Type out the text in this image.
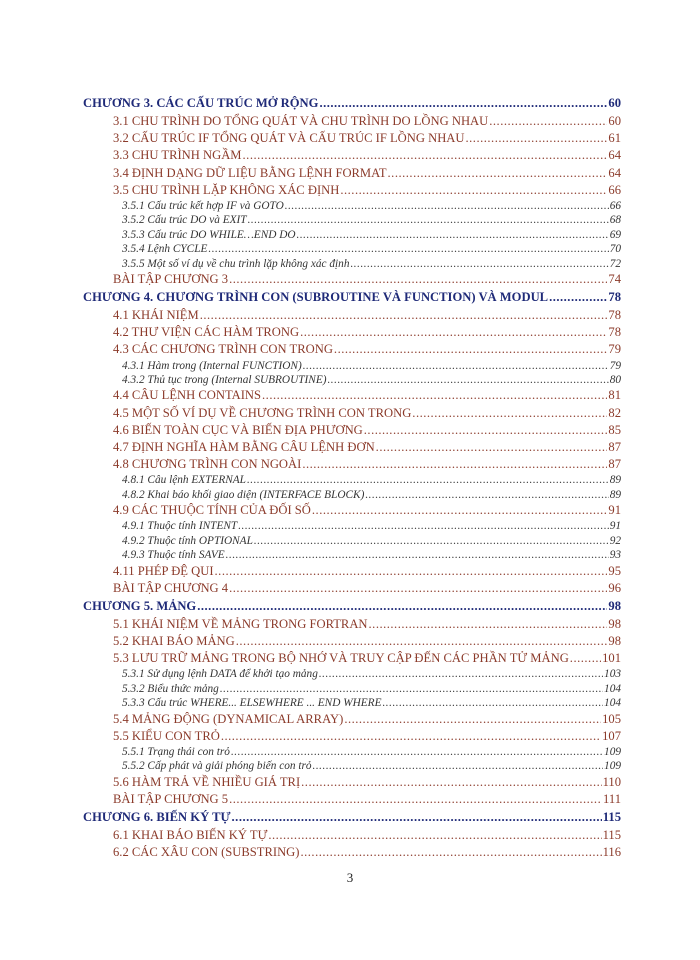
CHƯƠNG 3. CÁC CẤU TRÚC MỞ RỘNG .....	60
3.1 CHU TRÌNH DO TỔNG QUÁT VÀ CHU TRÌNH DO LỒNG NHAU .....	60
3.2 CẤU TRÚC IF TỔNG QUÁT VÀ CẤU TRÚC IF LỒNG NHAU .....	61
3.3 CHU TRÌNH NGẦM .....	64
3.4 ĐỊNH DẠNG DỮ LIỆU BẰNG LỆNH FORMAT .....	64
3.5 CHU TRÌNH LẶP KHÔNG XÁC ĐỊNH .....	66
3.5.1 Cấu trúc kết hợp IF và GOTO .....	66
3.5.2 Cấu trúc DO và EXIT .....	68
3.5.3 Cấu trúc DO WHILE…END DO .....	69
3.5.4 Lệnh CYCLE .....	70
3.5.5 Một số ví dụ về chu trình lặp không xác định .....	72
BÀI TẬP CHƯƠNG 3 .....	74
CHƯƠNG 4. CHƯƠNG TRÌNH CON (SUBROUTINE VÀ FUNCTION) VÀ MODUL .....	78
4.1 KHÁI NIỆM .....	78
4.2 THƯ VIỆN CÁC HÀM TRONG .....	78
4.3 CÁC CHƯƠNG TRÌNH CON TRONG .....	79
4.3.1 Hàm trong (Internal FUNCTION) .....	79
4.3.2 Thủ tục trong (Internal SUBROUTINE) .....	80
4.4 CÂU LỆNH CONTAINS .....	81
4.5 MỘT SỐ VÍ DỤ VỀ CHƯƠNG TRÌNH CON TRONG .....	82
4.6 BIẾN TOÀN CỤC VÀ BIẾN ĐỊA PHƯƠNG .....	85
4.7 ĐỊNH NGHĨA HÀM BẰNG CÂU LỆNH ĐƠN .....	87
4.8 CHƯƠNG TRÌNH CON NGOÀI .....	87
4.8.1 Câu lệnh EXTERNAL .....	89
4.8.2 Khai báo khối giao diện (INTERFACE BLOCK) .....	89
4.9 CÁC THUỘC TÍNH CỦA ĐỐI SỐ .....	91
4.9.1 Thuộc tính INTENT .....	91
4.9.2 Thuộc tính OPTIONAL .....	92
4.9.3 Thuộc tính SAVE .....	93
4.11 PHÉP ĐỆ QUI .....	95
BÀI TẬP CHƯƠNG 4 .....	96
CHƯƠNG 5. MẢNG .....	98
5.1 KHÁI NIỆM VỀ MẢNG TRONG FORTRAN .....	98
5.2 KHAI BÁO MẢNG .....	98
5.3 LƯU TRỮ MẢNG TRONG BỘ NHỚ VÀ TRUY CẬP ĐẾN CÁC PHẦN TỬ MẢNG .....	101
5.3.1 Sử dụng lệnh DATA để khởi tạo mảng .....	103
5.3.2 Biểu thức mảng .....	104
5.3.3 Cấu trúc WHERE... ELSEWHERE ... END WHERE .....	104
5.4 MẢNG ĐỘNG (DYNAMICAL ARRAY) .....	105
5.5 KIỂU CON TRỎ .....	107
5.5.1 Trạng thái con trỏ .....	109
5.5.2 Cấp phát và giải phóng biến con trỏ .....	109
5.6 HÀM TRẢ VỀ NHIỀU GIÁ TRỊ .....	110
BÀI TẬP CHƯƠNG 5 .....	111
CHƯƠNG 6. BIẾN KÝ TỰ .....	115
6.1 KHAI BÁO BIẾN KÝ TỰ .....	115
6.2 CÁC XÂU CON (SUBSTRING) .....	116
3
